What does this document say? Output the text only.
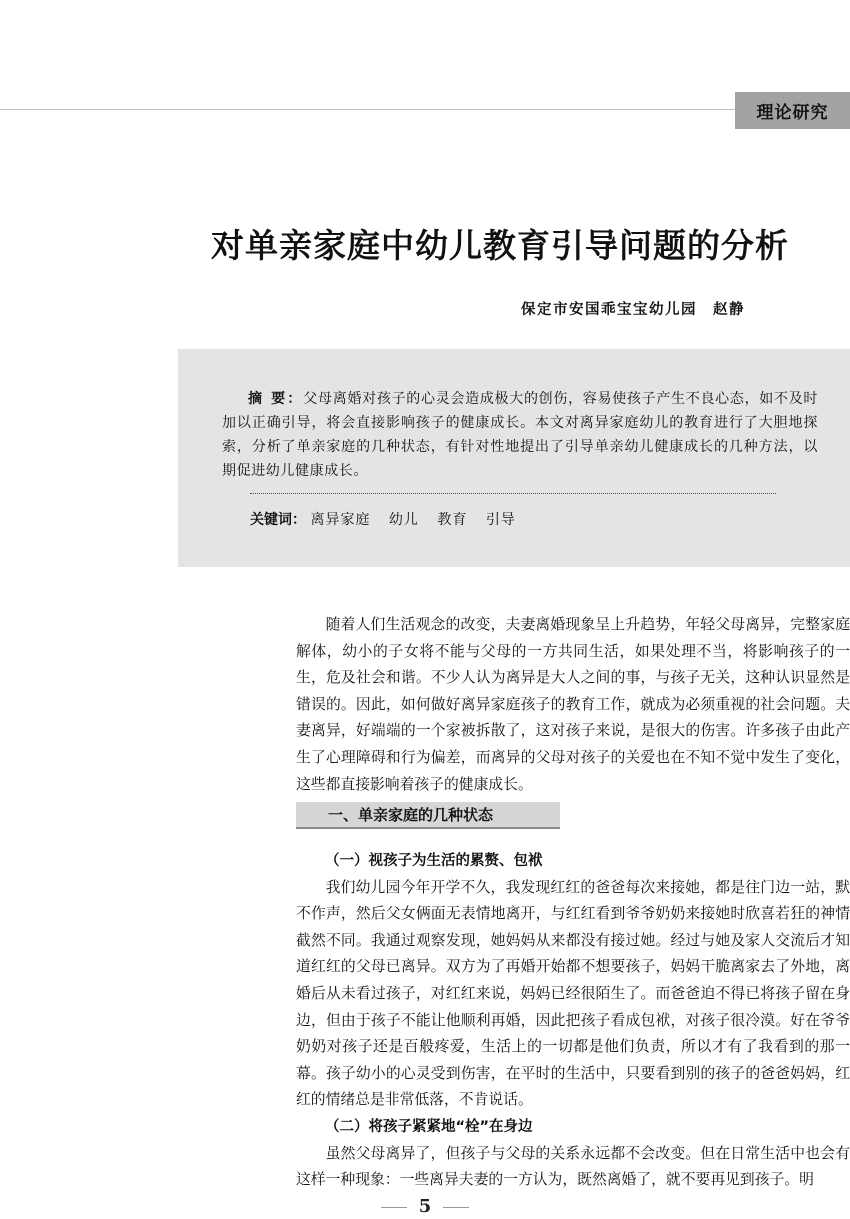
理论研究
对单亲家庭中幼儿教育引导问题的分析
保定市安国乖宝宝幼儿园　赵静

摘 要：父母离婚对孩子的心灵会造成极大的创伤，容易使孩子产生不良心态，如不及时加以正确引导，将会直接影响孩子的健康成长。本文对离异家庭幼儿的教育进行了大胆地探索，分析了单亲家庭的几种状态，有针对性地提出了引导单亲幼儿健康成长的几种方法，以期促进幼儿健康成长。

关键词： 离异家庭 幼儿 教育 引导

随着人们生活观念的改变，夫妻离婚现象呈上升趋势，年轻父母离异，完整家庭解体，幼小的子女将不能与父母的一方共同生活，如果处理不当，将影响孩子的一生，危及社会和谐。不少人认为离异是大人之间的事，与孩子无关，这种认识显然是错误的。因此，如何做好离异家庭孩子的教育工作，就成为必须重视的社会问题。夫妻离异，好端端的一个家被拆散了，这对孩子来说，是很大的伤害。许多孩子由此产生了心理障碍和行为偏差，而离异的父母对孩子的关爱也在不知不觉中发生了变化，这些都直接影响着孩子的健康成长。

一、单亲家庭的几种状态

（一）视孩子为生活的累赘、包袱

我们幼儿园今年开学不久，我发现红红的爸爸每次来接她，都是往门边一站，默不作声，然后父女俩面无表情地离开，与红红看到爷爷奶奶来接她时欣喜若狂的神情截然不同。我通过观察发现，她妈妈从来都没有接过她。经过与她及家人交流后才知道红红的父母已离异。双方为了再婚开始都不想要孩子，妈妈干脆离家去了外地，离婚后从未看过孩子，对红红来说，妈妈已经很陌生了。而爸爸迫不得已将孩子留在身边，但由于孩子不能让他顺利再婚，因此把孩子看成包袱，对孩子很冷漠。好在爷爷奶奶对孩子还是百般疼爱，生活上的一切都是他们负责，所以才有了我看到的那一幕。孩子幼小的心灵受到伤害，在平时的生活中，只要看到别的孩子的爸爸妈妈，红红的情绪总是非常低落，不肯说话。

（二）将孩子紧紧地“栓”在身边

虽然父母离异了，但孩子与父母的关系永远都不会改变。但在日常生活中也会有这样一种现象：一些离异夫妻的一方认为，既然离婚了，就不要再见到孩子。明

5
